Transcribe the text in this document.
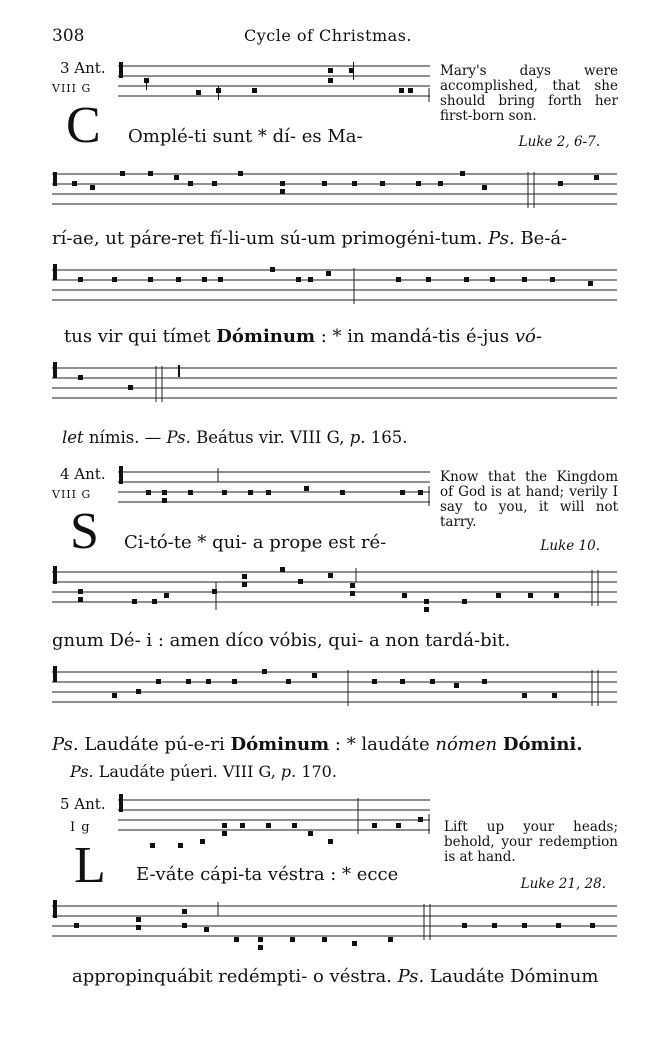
308	Cycle of Christmas.
3 Ant.
VIII G
C Omplé-ti sunt * dí- es Ma-
Mary's days were accomplished, that she should bring forth her first-born son.
Luke 2, 6-7.
rí-ae, ut páre-ret fí-li-um sú-um primogéni-tum. Ps. Be-á-
tus vir qui tímet Dóminum : * in mandá-tis é-jus vó-
let nímis. — Ps. Beátus vir. VIII G, p. 165.
4 Ant.
VIII G
S Ci-tó-te * qui- a prope est ré-
Know that the Kingdom of God is at hand; verily I say to you, it will not tarry.
Luke 10.
gnum Dé- i : amen díco vóbis, qui- a non tardá-bit.
Ps. Laudáte pú-e-ri Dóminum : * laudáte nómen Dómini.
Ps. Laudáte púeri. VIII G, p. 170.
5 Ant.
I g
L E-váte cápi-ta véstra : * ecce
Lift up your heads; behold, your redemption is at hand.
Luke 21, 28.
appropinquábit redémpti- o véstra. Ps. Laudáte Dóminum
